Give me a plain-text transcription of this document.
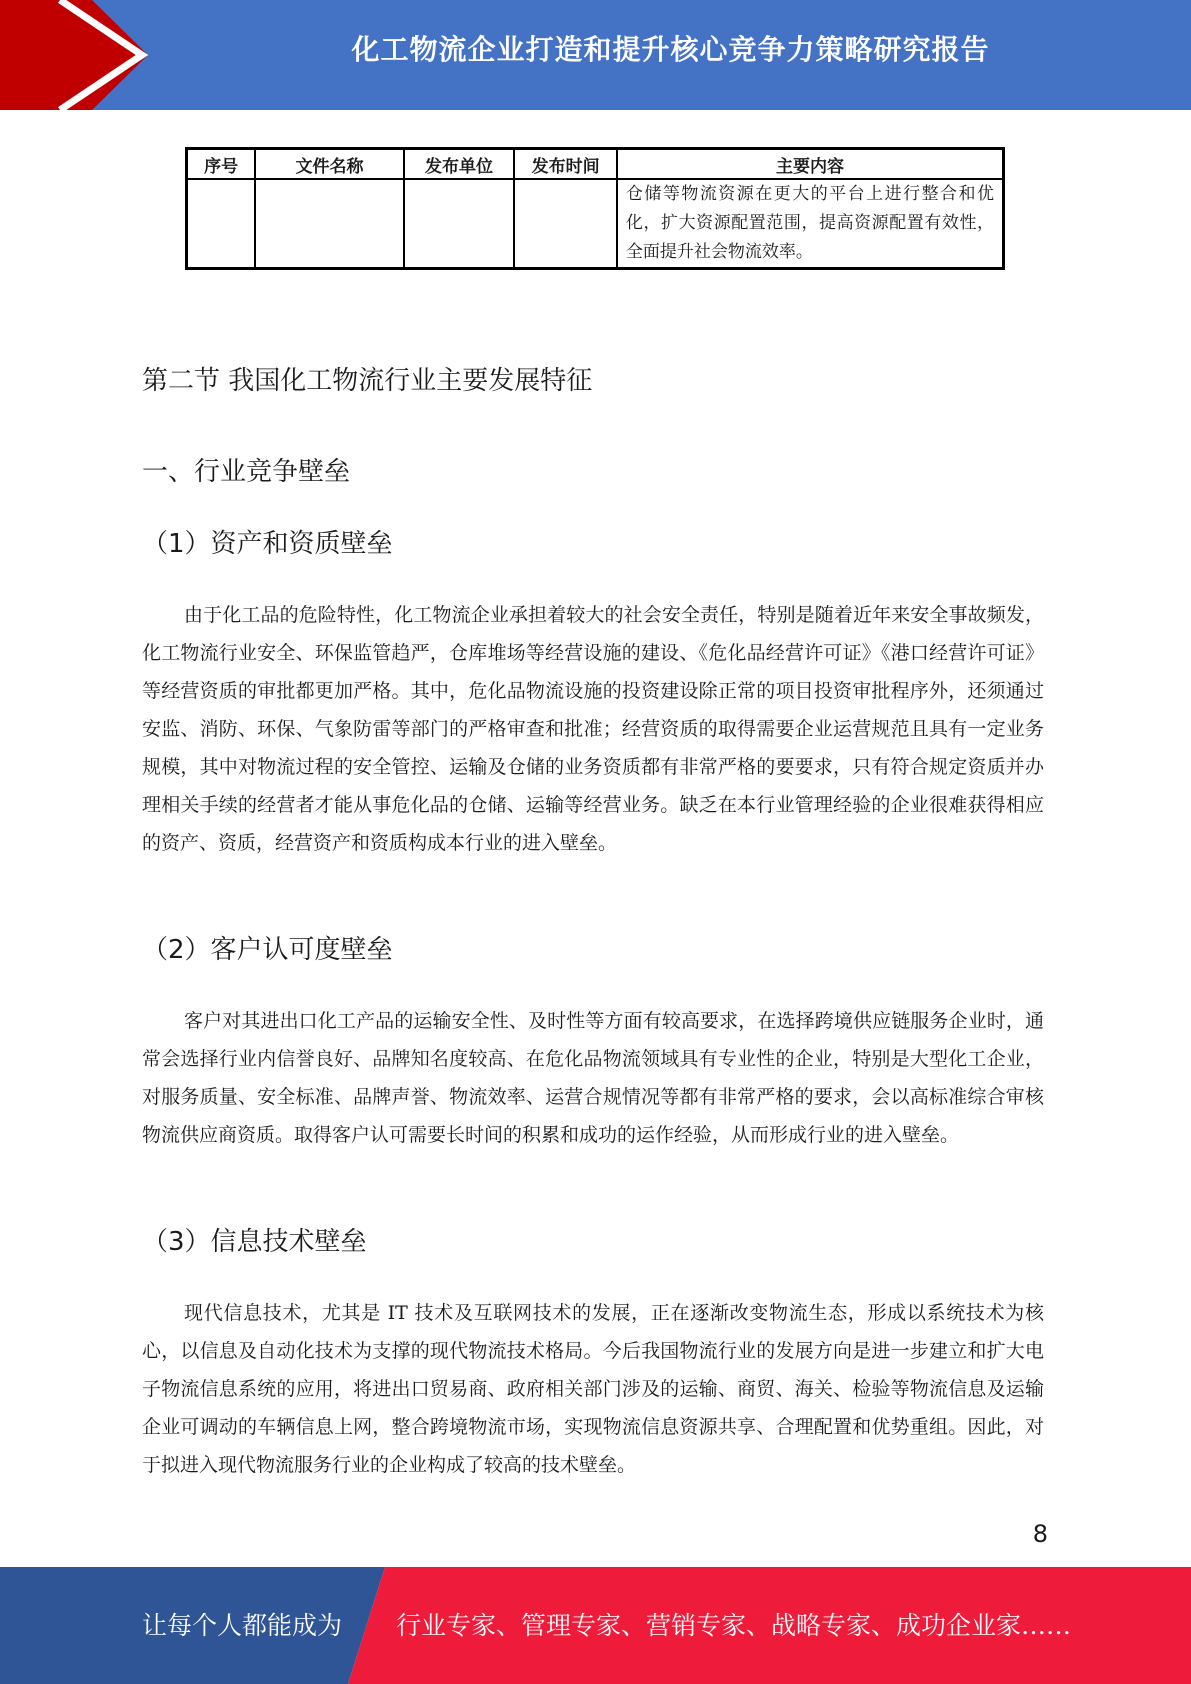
化工物流企业打造和提升核心竞争力策略研究报告
序号	文件名称	发布单位	发布时间	主要内容
				仓储等物流资源在更大的平台上进行整合和优化，扩大资源配置范围，提高资源配置有效性，全面提升社会物流效率。
第二节 我国化工物流行业主要发展特征
一、行业竞争壁垒
（1）资产和资质壁垒

由于化工品的危险特性，化工物流企业承担着较大的社会安全责任，特别是随着近年来安全事故频发，化工物流行业安全、环保监管趋严，仓库堆场等经营设施的建设、《危化品经营许可证》《港口经营许可证》等经营资质的审批都更加严格。其中，危化品物流设施的投资建设除正常的项目投资审批程序外，还须通过安监、消防、环保、气象防雷等部门的严格审查和批准；经营资质的取得需要企业运营规范且具有一定业务规模，其中对物流过程的安全管控、运输及仓储的业务资质都有非常严格的要要求，只有符合规定资质并办理相关手续的经营者才能从事危化品的仓储、运输等经营业务。缺乏在本行业管理经验的企业很难获得相应的资产、资质，经营资产和资质构成本行业的进入壁垒。

（2）客户认可度壁垒

客户对其进出口化工产品的运输安全性、及时性等方面有较高要求，在选择跨境供应链服务企业时，通常会选择行业内信誉良好、品牌知名度较高、在危化品物流领域具有专业性的企业，特别是大型化工企业，对服务质量、安全标准、品牌声誉、物流效率、运营合规情况等都有非常严格的要求，会以高标准综合审核物流供应商资质。取得客户认可需要长时间的积累和成功的运作经验，从而形成行业的进入壁垒。

（3）信息技术壁垒

现代信息技术，尤其是 IT 技术及互联网技术的发展，正在逐渐改变物流生态，形成以系统技术为核心，以信息及自动化技术为支撑的现代物流技术格局。今后我国物流行业的发展方向是进一步建立和扩大电子物流信息系统的应用，将进出口贸易商、政府相关部门涉及的运输、商贸、海关、检验等物流信息及运输企业可调动的车辆信息上网，整合跨境物流市场，实现物流信息资源共享、合理配置和优势重组。因此，对于拟进入现代物流服务行业的企业构成了较高的技术壁垒。

8
让每个人都能成为 行业专家、管理专家、营销专家、战略专家、成功企业家……
